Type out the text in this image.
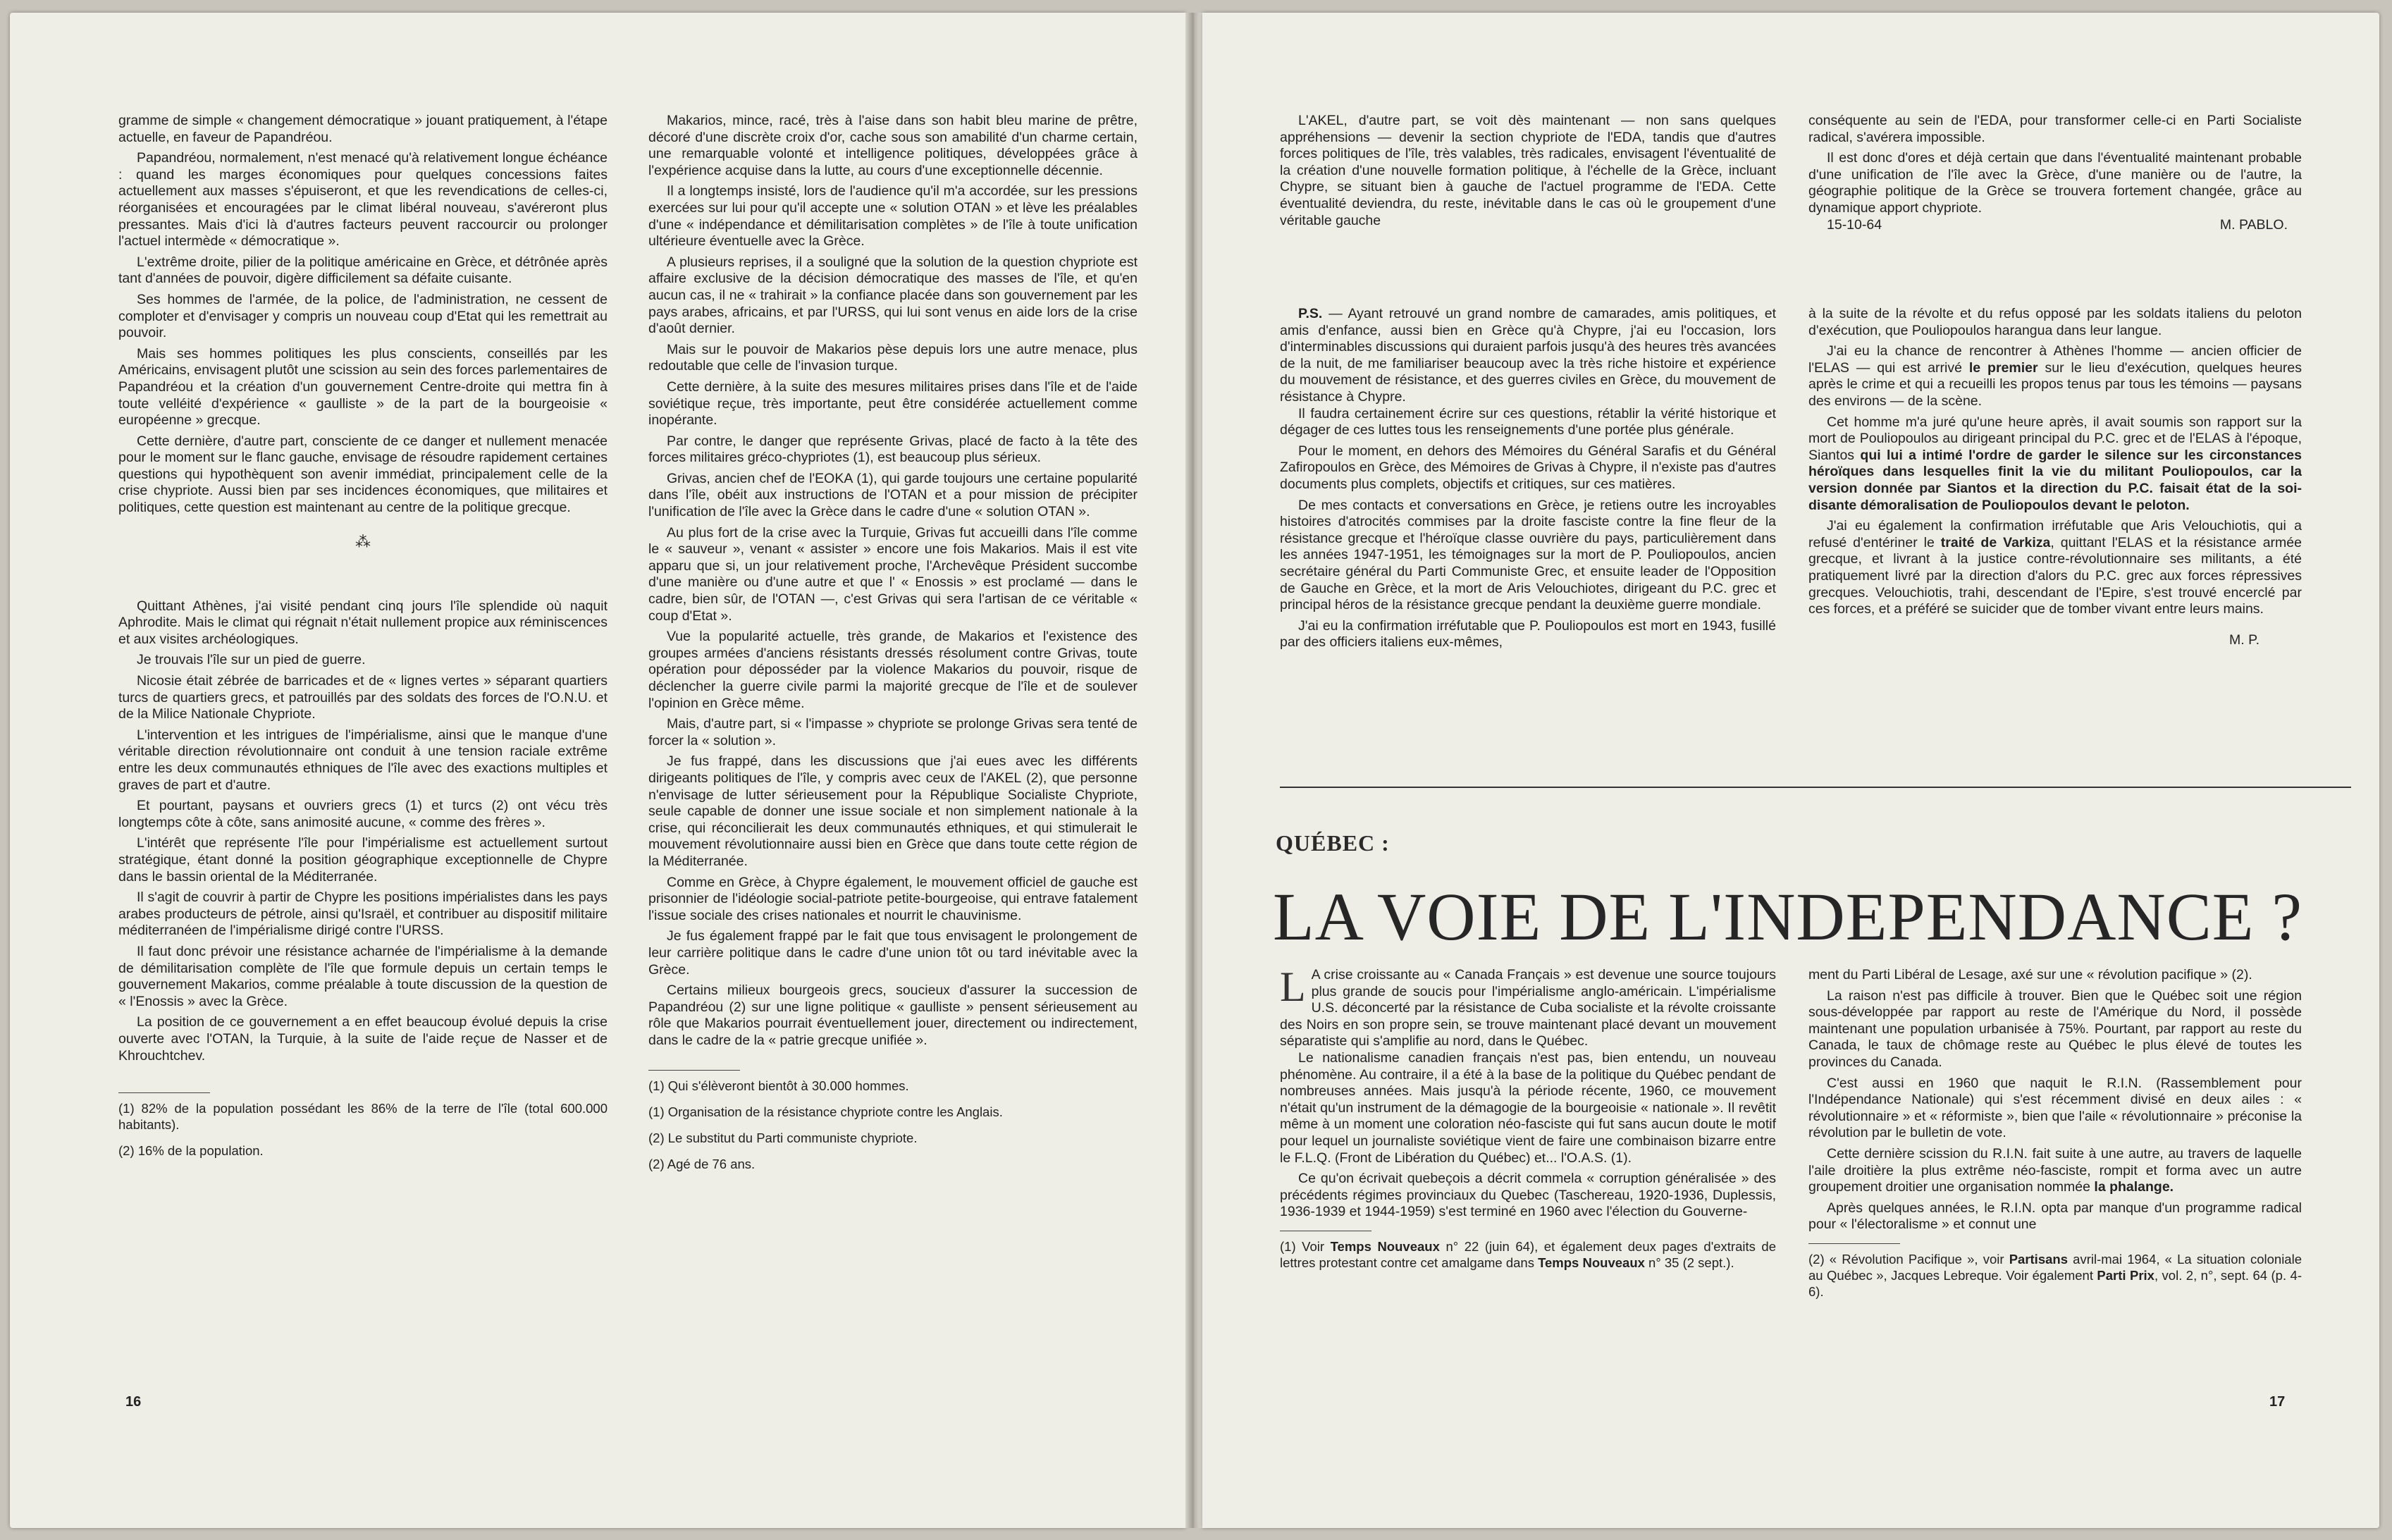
gramme de simple « changement démocratique » jouant pratiquement, à l'étape actuelle, en faveur de Papandréou.

Papandréou, normalement, n'est menacé qu'à relativement longue échéance : quand les marges économiques pour quelques concessions faites actuellement aux masses s'épuiseront, et que les revendications de celles-ci, réorganisées et encouragées par le climat libéral nouveau, s'avéreront plus pressantes. Mais d'ici là d'autres facteurs peuvent raccourcir ou prolonger l'actuel intermède « démocratique ».

L'extrême droite, pilier de la politique américaine en Grèce, et détrônée après tant d'années de pouvoir, digère difficilement sa défaite cuisante.

Ses hommes de l'armée, de la police, de l'administration, ne cessent de comploter et d'envisager y compris un nouveau coup d'Etat qui les remettrait au pouvoir.

Mais ses hommes politiques les plus conscients, conseillés par les Américains, envisagent plutôt une scission au sein des forces parlementaires de Papandréou et la création d'un gouvernement Centre-droite qui mettra fin à toute velléité d'expérience « gaulliste » de la part de la bourgeoisie « européenne » grecque.

Cette dernière, d'autre part, consciente de ce danger et nullement menacée pour le moment sur le flanc gauche, envisage de résoudre rapidement certaines questions qui hypothèquent son avenir immédiat, principalement celle de la crise chypriote. Aussi bien par ses incidences économiques, que militaires et politiques, cette question est maintenant au centre de la politique grecque.

⁂

Quittant Athènes, j'ai visité pendant cinq jours l'île splendide où naquit Aphrodite. Mais le climat qui régnait n'était nullement propice aux réminiscences et aux visites archéologiques.

Je trouvais l'île sur un pied de guerre.

Nicosie était zébrée de barricades et de « lignes vertes » séparant quartiers turcs de quartiers grecs, et patrouillés par des soldats des forces de l'O.N.U. et de la Milice Nationale Chypriote.

L'intervention et les intrigues de l'impérialisme, ainsi que le manque d'une véritable direction révolutionnaire ont conduit à une tension raciale extrême entre les deux communautés ethniques de l'île avec des exactions multiples et graves de part et d'autre.

Et pourtant, paysans et ouvriers grecs (1) et turcs (2) ont vécu très longtemps côte à côte, sans animosité aucune, « comme des frères ».

L'intérêt que représente l'île pour l'impérialisme est actuellement surtout stratégique, étant donné la position géographique exceptionnelle de Chypre dans le bassin oriental de la Méditerranée.

Il s'agit de couvrir à partir de Chypre les positions impérialistes dans les pays arabes producteurs de pétrole, ainsi qu'Israël, et contribuer au dispositif militaire méditerranéen de l'impérialisme dirigé contre l'URSS.

Il faut donc prévoir une résistance acharnée de l'impérialisme à la demande de démilitarisation complète de l'île que formule depuis un certain temps le gouvernement Makarios, comme préalable à toute discussion de la question de « l'Enossis » avec la Grèce.

La position de ce gouvernement a en effet beaucoup évolué depuis la crise ouverte avec l'OTAN, la Turquie, à la suite de l'aide reçue de Nasser et de Khrouchtchev.

(1) 82% de la population possédant les 86% de la terre de l'île (total 600.000 habitants).

(2) 16% de la population.

Makarios, mince, racé, très à l'aise dans son habit bleu marine de prêtre, décoré d'une discrète croix d'or, cache sous son amabilité d'un charme certain, une remarquable volonté et intelligence politiques, développées grâce à l'expérience acquise dans la lutte, au cours d'une exceptionnelle décennie.

Il a longtemps insisté, lors de l'audience qu'il m'a accordée, sur les pressions exercées sur lui pour qu'il accepte une « solution OTAN » et lève les préalables d'une « indépendance et démilitarisation complètes » de l'île à toute unification ultérieure éventuelle avec la Grèce.

A plusieurs reprises, il a souligné que la solution de la question chypriote est affaire exclusive de la décision démocratique des masses de l'île, et qu'en aucun cas, il ne « trahirait » la confiance placée dans son gouvernement par les pays arabes, africains, et par l'URSS, qui lui sont venus en aide lors de la crise d'août dernier.

Mais sur le pouvoir de Makarios pèse depuis lors une autre menace, plus redoutable que celle de l'invasion turque.

Cette dernière, à la suite des mesures militaires prises dans l'île et de l'aide soviétique reçue, très importante, peut être considérée actuellement comme inopérante.

Par contre, le danger que représente Grivas, placé de facto à la tête des forces militaires gréco-chypriotes (1), est beaucoup plus sérieux.

Grivas, ancien chef de l'EOKA (1), qui garde toujours une certaine popularité dans l'île, obéit aux instructions de l'OTAN et a pour mission de précipiter l'unification de l'île avec la Grèce dans le cadre d'une « solution OTAN ».

Au plus fort de la crise avec la Turquie, Grivas fut accueilli dans l'île comme le « sauveur », venant « assister » encore une fois Makarios. Mais il est vite apparu que si, un jour relativement proche, l'Archevêque Président succombe d'une manière ou d'une autre et que l' « Enossis » est proclamé — dans le cadre, bien sûr, de l'OTAN —, c'est Grivas qui sera l'artisan de ce véritable « coup d'Etat ».

Vue la popularité actuelle, très grande, de Makarios et l'existence des groupes armées d'anciens résistants dressés résolument contre Grivas, toute opération pour déposséder par la violence Makarios du pouvoir, risque de déclencher la guerre civile parmi la majorité grecque de l'île et de soulever l'opinion en Grèce même.

Mais, d'autre part, si « l'impasse » chypriote se prolonge Grivas sera tenté de forcer la « solution ».

Je fus frappé, dans les discussions que j'ai eues avec les différents dirigeants politiques de l'île, y compris avec ceux de l'AKEL (2), que personne n'envisage de lutter sérieusement pour la République Socialiste Chypriote, seule capable de donner une issue sociale et non simplement nationale à la crise, qui réconcilierait les deux communautés ethniques, et qui stimulerait le mouvement révolutionnaire aussi bien en Grèce que dans toute cette région de la Méditerranée.

Comme en Grèce, à Chypre également, le mouvement officiel de gauche est prisonnier de l'idéologie social-patriote petite-bourgeoise, qui entrave fatalement l'issue sociale des crises nationales et nourrit le chauvinisme.

Je fus également frappé par le fait que tous envisagent le prolongement de leur carrière politique dans le cadre d'une union tôt ou tard inévitable avec la Grèce.

Certains milieux bourgeois grecs, soucieux d'assurer la succession de Papandréou (2) sur une ligne politique « gaulliste » pensent sérieusement au rôle que Makarios pourrait éventuellement jouer, directement ou indirectement, dans le cadre de la « patrie grecque unifiée ».

(1) Qui s'élèveront bientôt à 30.000 hommes.

(1) Organisation de la résistance chypriote contre les Anglais.

(2) Le substitut du Parti communiste chypriote.

(2) Agé de 76 ans.

16

L'AKEL, d'autre part, se voit dès maintenant — non sans quelques appréhensions — devenir la section chypriote de l'EDA, tandis que d'autres forces politiques de l'île, très valables, très radicales, envisagent l'éventualité de la création d'une nouvelle formation politique, à l'échelle de la Grèce, incluant Chypre, se situant bien à gauche de l'actuel programme de l'EDA. Cette éventualité deviendra, du reste, inévitable dans le cas où le groupement d'une véritable gauche

conséquente au sein de l'EDA, pour transformer celle-ci en Parti Socialiste radical, s'avérera impossible.

Il est donc d'ores et déjà certain que dans l'éventualité maintenant probable d'une unification de l'île avec la Grèce, d'une manière ou de l'autre, la géographie politique de la Grèce se trouvera fortement changée, grâce au dynamique apport chypriote.

15-10-64	M. PABLO.

P.S. — Ayant retrouvé un grand nombre de camarades, amis politiques, et amis d'enfance, aussi bien en Grèce qu'à Chypre, j'ai eu l'occasion, lors d'interminables discussions qui duraient parfois jusqu'à des heures très avancées de la nuit, de me familiariser beaucoup avec la très riche histoire et expérience du mouvement de résistance, et des guerres civiles en Grèce, du mouvement de résistance à Chypre.

Il faudra certainement écrire sur ces questions, rétablir la vérité historique et dégager de ces luttes tous les renseignements d'une portée plus générale.

Pour le moment, en dehors des Mémoires du Général Sarafis et du Général Zafiropoulos en Grèce, des Mémoires de Grivas à Chypre, il n'existe pas d'autres documents plus complets, objectifs et critiques, sur ces matières.

De mes contacts et conversations en Grèce, je retiens outre les incroyables histoires d'atrocités commises par la droite fasciste contre la fine fleur de la résistance grecque et l'héroïque classe ouvrière du pays, particulièrement dans les années 1947-1951, les témoignages sur la mort de P. Pouliopoulos, ancien secrétaire général du Parti Communiste Grec, et ensuite leader de l'Opposition de Gauche en Grèce, et la mort de Aris Velouchiotes, dirigeant du P.C. grec et principal héros de la résistance grecque pendant la deuxième guerre mondiale.

J'ai eu la confirmation irréfutable que P. Pouliopoulos est mort en 1943, fusillé par des officiers italiens eux-mêmes,

à la suite de la révolte et du refus opposé par les soldats italiens du peloton d'exécution, que Pouliopoulos harangua dans leur langue.

J'ai eu la chance de rencontrer à Athènes l'homme — ancien officier de l'ELAS — qui est arrivé le premier sur le lieu d'exécution, quelques heures après le crime et qui a recueilli les propos tenus par tous les témoins — paysans des environs — de la scène.

Cet homme m'a juré qu'une heure après, il avait soumis son rapport sur la mort de Pouliopoulos au dirigeant principal du P.C. grec et de l'ELAS à l'époque, Siantos qui lui a intimé l'ordre de garder le silence sur les circonstances héroïques dans lesquelles finit la vie du militant Pouliopoulos, car la version donnée par Siantos et la direction du P.C. faisait état de la soi-disante démoralisation de Pouliopoulos devant le peloton.

J'ai eu également la confirmation irréfutable que Aris Velouchiotis, qui a refusé d'entériner le traité de Varkiza, quittant l'ELAS et la résistance armée grecque, et livrant à la justice contre-révolutionnaire ses militants, a été pratiquement livré par la direction d'alors du P.C. grec aux forces répressives grecques. Velouchiotis, trahi, descendant de l'Epire, s'est trouvé encerclé par ces forces, et a préféré se suicider que de tomber vivant entre leurs mains.

M. P.
QUÉBEC :
LA VOIE DE L'INDEPENDANCE ?

L A crise croissante au « Canada Français » est devenue une source toujours plus grande de soucis pour l'impérialisme anglo-américain. L'impérialisme U.S. déconcerté par la résistance de Cuba socialiste et la révolte croissante des Noirs en son propre sein, se trouve maintenant placé devant un mouvement séparatiste qui s'amplifie au nord, dans le Québec.

Le nationalisme canadien français n'est pas, bien entendu, un nouveau phénomène. Au contraire, il a été à la base de la politique du Québec pendant de nombreuses années. Mais jusqu'à la période récente, 1960, ce mouvement n'était qu'un instrument de la démagogie de la bourgeoisie « nationale ». Il revêtit même à un moment une coloration néo-fasciste qui fut sans aucun doute le motif pour lequel un journaliste soviétique vient de faire une combinaison bizarre entre le F.L.Q. (Front de Libération du Québec) et... l'O.A.S. (1).

Ce qu'on écrivait quebeçois a décrit commela « corruption généralisée » des précédents régimes provinciaux du Quebec (Taschereau, 1920-1936, Duplessis, 1936-1939 et 1944-1959) s'est terminé en 1960 avec l'élection du Gouverne-

(1) Voir Temps Nouveaux n° 22 (juin 64), et également deux pages d'extraits de lettres protestant contre cet amalgame dans Temps Nouveaux n° 35 (2 sept.).

ment du Parti Libéral de Lesage, axé sur une « révolution pacifique » (2).

La raison n'est pas difficile à trouver. Bien que le Québec soit une région sous-développée par rapport au reste de l'Amérique du Nord, il possède maintenant une population urbanisée à 75%. Pourtant, par rapport au reste du Canada, le taux de chômage reste au Québec le plus élevé de toutes les provinces du Canada.

C'est aussi en 1960 que naquit le R.I.N. (Rassemblement pour l'Indépendance Nationale) qui s'est récemment divisé en deux ailes : « révolutionnaire » et « réformiste », bien que l'aile « révolutionnaire » préconise la révolution par le bulletin de vote.

Cette dernière scission du R.I.N. fait suite à une autre, au travers de laquelle l'aile droitière la plus extrême néo-fasciste, rompit et forma avec un autre groupement droitier une organisation nommée la phalange.

Après quelques années, le R.I.N. opta par manque d'un programme radical pour « l'électoralisme » et connut une

(2) « Révolution Pacifique », voir Partisans avril-mai 1964, « La situation coloniale au Québec », Jacques Lebreque. Voir également Parti Prix, vol. 2, n°, sept. 64 (p. 4-6).

17
